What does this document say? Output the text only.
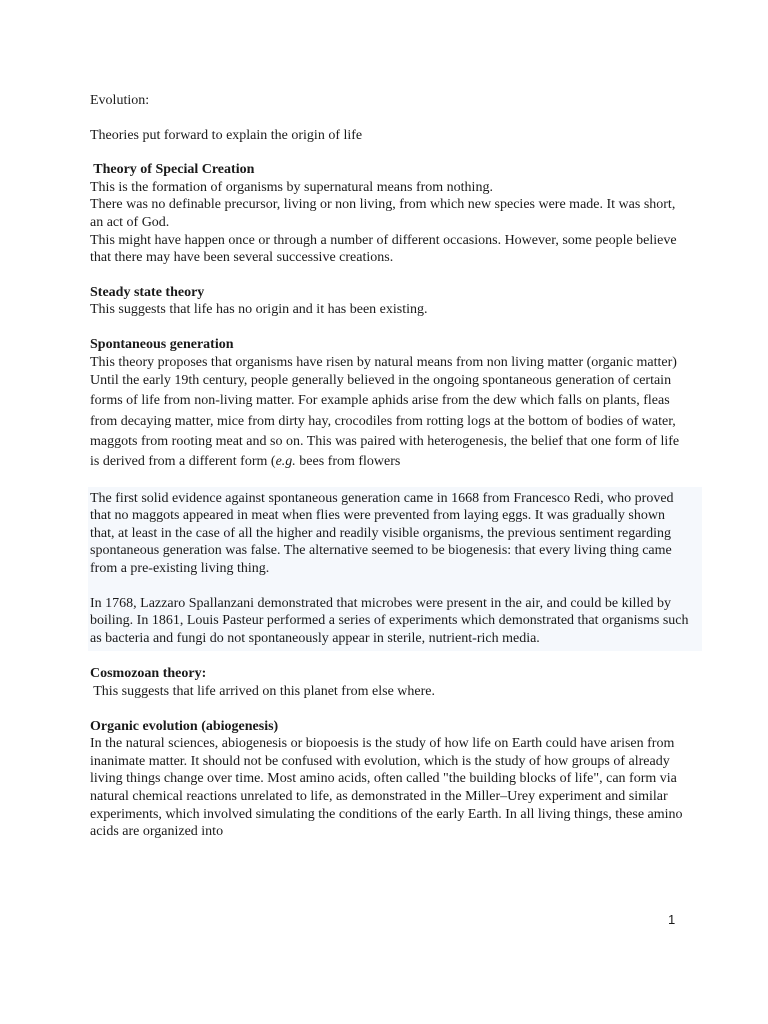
Evolution:

Theories put forward to explain the origin of life

Theory of Special Creation

This is the formation of organisms by supernatural means from nothing.

There was no definable precursor, living or non living, from which new species were made. It was short, an act of God.

This might have happen once or through a number of different occasions. However, some people believe that there may have been several successive creations.

Steady state theory

This suggests that life has no origin and it has been existing.

Spontaneous generation

This theory proposes that organisms have risen by natural means from non living matter (organic matter)

Until the early 19th century, people generally believed in the ongoing spontaneous generation of certain forms of life from non-living matter. For example aphids arise from the dew which falls on plants, fleas from decaying matter, mice from dirty hay, crocodiles from rotting logs at the bottom of bodies of water, maggots from rooting meat and so on. This was paired with heterogenesis, the belief that one form of life is derived from a different form (e.g. bees from flowers

The first solid evidence against spontaneous generation came in 1668 from Francesco Redi, who proved that no maggots appeared in meat when flies were prevented from laying eggs. It was gradually shown that, at least in the case of all the higher and readily visible organisms, the previous sentiment regarding spontaneous generation was false. The alternative seemed to be biogenesis: that every living thing came from a pre-existing living thing.

In 1768, Lazzaro Spallanzani demonstrated that microbes were present in the air, and could be killed by boiling. In 1861, Louis Pasteur performed a series of experiments which demonstrated that organisms such as bacteria and fungi do not spontaneously appear in sterile, nutrient-rich media.

Cosmozoan theory:

This suggests that life arrived on this planet from else where.

Organic evolution (abiogenesis)

In the natural sciences, abiogenesis or biopoesis is the study of how life on Earth could have arisen from inanimate matter. It should not be confused with evolution, which is the study of how groups of already living things change over time. Most amino acids, often called "the building blocks of life", can form via natural chemical reactions unrelated to life, as demonstrated in the Miller–Urey experiment and similar experiments, which involved simulating the conditions of the early Earth. In all living things, these amino acids are organized into

1
